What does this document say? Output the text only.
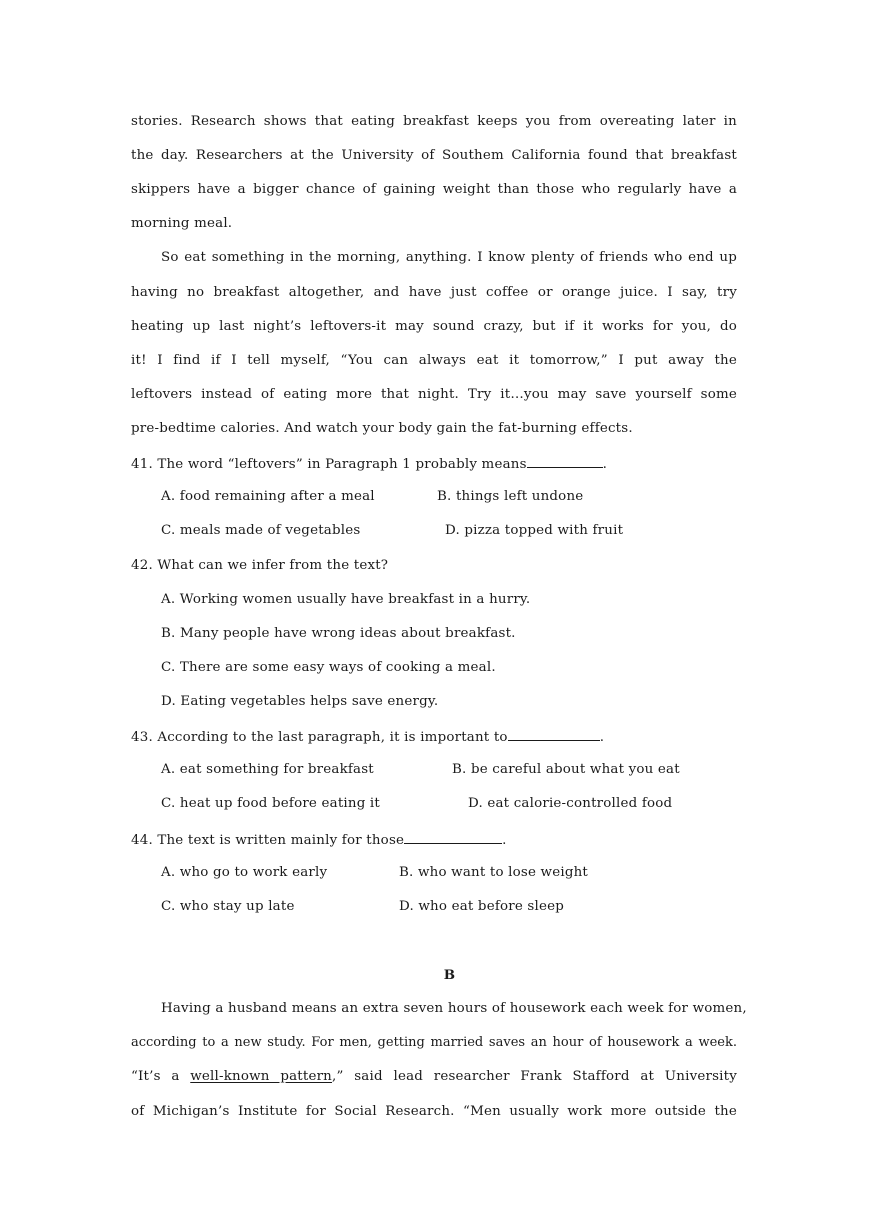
stories. Research shows that eating breakfast keeps you from overeating later in
the day. Researchers at the University of Southem California found that breakfast
skippers have a bigger chance of gaining weight than those who regularly have a
morning meal.
So eat something in the morning, anything. I know plenty of friends who end up
having no breakfast altogether, and have just coffee or orange juice. I say, try
heating up last night’s leftovers-it may sound crazy, but if it works for you, do
it! I find if I tell myself, “You can always eat it tomorrow,” I put away the
leftovers instead of eating more that night. Try it…you may save yourself some
pre-bedtime calories. And watch your body gain the fat-burning effects.
41. The word “leftovers” in Paragraph 1 probably means	.
A. food remaining after a meal	B. things left undone
C. meals made of vegetables	D. pizza topped with fruit
42. What can we infer from the text?
A. Working women usually have breakfast in a hurry.
B. Many people have wrong ideas about breakfast.
C. There are some easy ways of cooking a meal.
D. Eating vegetables helps save energy.
43. According to the last paragraph, it is important to	.
A. eat something for breakfast	B. be careful about what you eat
C. heat up food before eating it	D. eat calorie-controlled food
44. The text is written mainly for those	.
A. who go to work early	B. who want to lose weight
C. who stay up late	D. who eat before sleep
B
Having a husband means an extra seven hours of housework each week for women,
according to a new study. For men, getting married saves an hour of housework a week.
“It’s a well-known pattern,” said lead researcher Frank Stafford at University
of Michigan’s Institute for Social Research. “Men usually work more outside the
